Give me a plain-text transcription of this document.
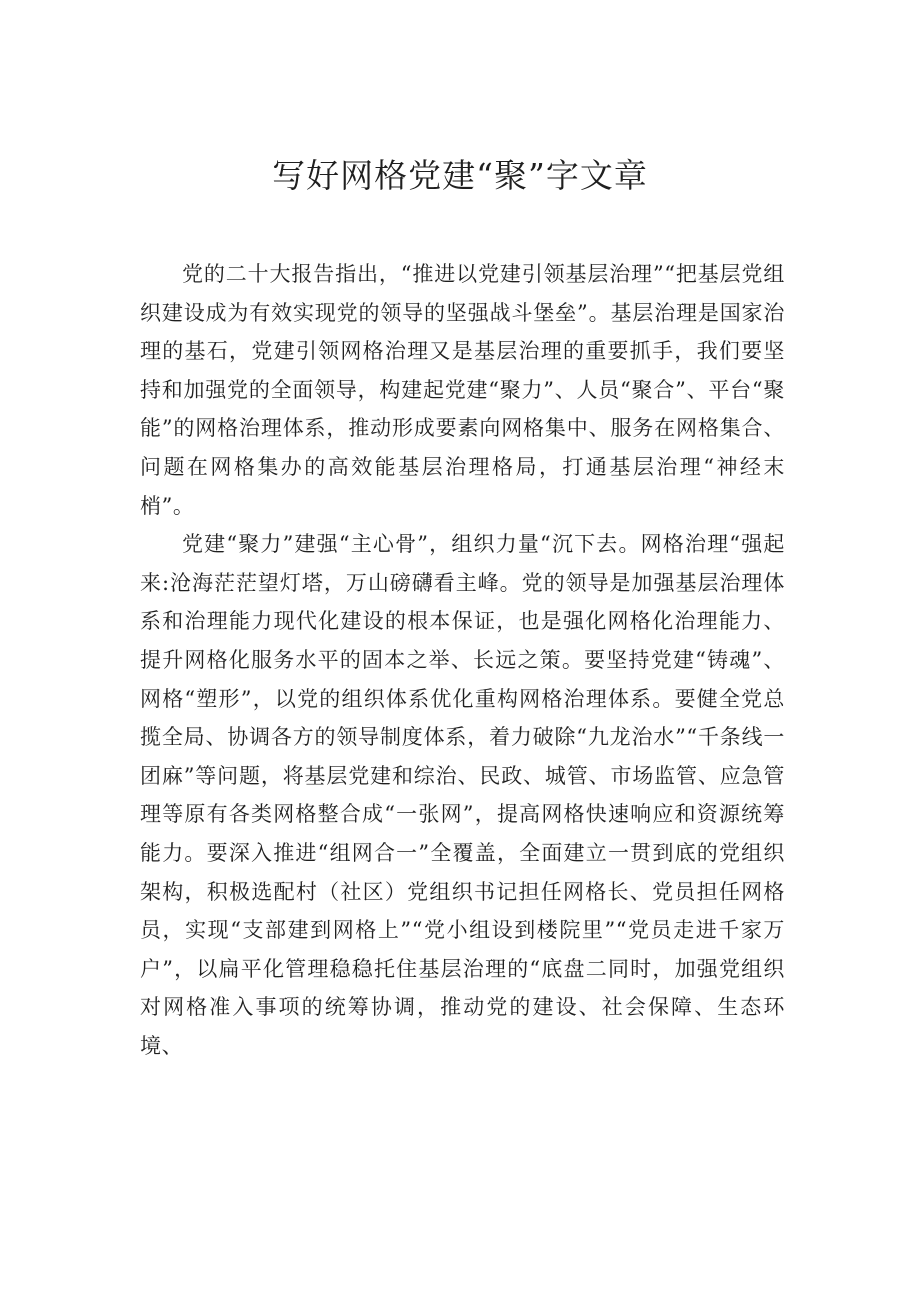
写好网格党建“聚”字文章

党的二十大报告指出，“推进以党建引领基层治理”“把基层党组织建设成为有效实现党的领导的坚强战斗堡垒”。基层治理是国家治理的基石，党建引领网格治理又是基层治理的重要抓手，我们要坚持和加强党的全面领导，构建起党建“聚力”、人员“聚合”、平台“聚能”的网格治理体系，推动形成要素向网格集中、服务在网格集合、问题在网格集办的高效能基层治理格局，打通基层治理“神经末梢”。

党建“聚力”建强“主心骨”，组织力量“沉下去。网格治理“强起来:沧海茫茫望灯塔，万山磅礴看主峰。党的领导是加强基层治理体系和治理能力现代化建设的根本保证，也是强化网格化治理能力、提升网格化服务水平的固本之举、长远之策。要坚持党建“铸魂”、网格“塑形”，以党的组织体系优化重构网格治理体系。要健全党总揽全局、协调各方的领导制度体系，着力破除“九龙治水”“千条线一团麻”等问题，将基层党建和综治、民政、城管、市场监管、应急管理等原有各类网格整合成“一张网”，提高网格快速响应和资源统筹能力。要深入推进“组网合一”全覆盖，全面建立一贯到底的党组织架构，积极选配村（社区）党组织书记担任网格长、党员担任网格员，实现“支部建到网格上”“党小组设到楼院里”“党员走进千家万户”，以扁平化管理稳稳托住基层治理的“底盘二同时，加强党组织对网格准入事项的统筹协调，推动党的建设、社会保障、生态环境、
